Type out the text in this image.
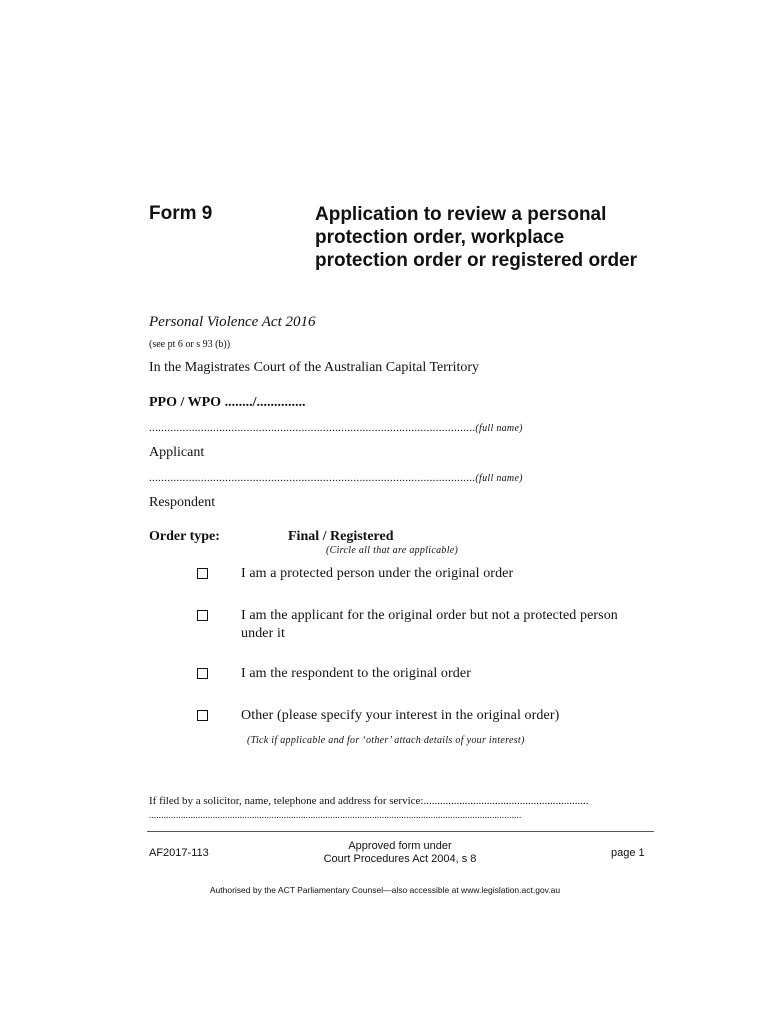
Form 9	Application to review a personal protection order, workplace protection order or registered order
Personal Violence Act 2016
(see pt 6 or s 93 (b))
In the Magistrates Court of the Australian Capital Territory
PPO / WPO ......../..............
...........................................................................................................(full name)
Applicant
...........................................................................................................(full name)
Respondent
Order type:	Final / Registered
(Circle all that are applicable)
I am a protected person under the original order
I am the applicant for the original order but not a protected person under it
I am the respondent to the original order
Other (please specify your interest in the original order)
(Tick if applicable and for ‘other’ attach details of your interest)
If filed by a solicitor, name, telephone and address for service:............................................................
........................................................................................................................................................
AF2017-113
Approved form under
Court Procedures Act 2004, s 8	page 1
Authorised by the ACT Parliamentary Counsel—also accessible at www.legislation.act.gov.au
